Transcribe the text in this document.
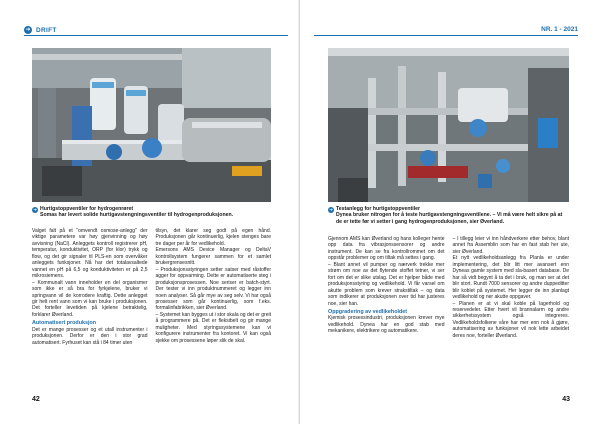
➜ DRIFT
➜ Hurtigstoppventiler for hydrogenrøret
Somas har levert solide hurtigavstengningsventiler til hydrogenproduksjonen.

Valget falt på et "omvendt osmose-anlegg" der viktige parametere var høy gjenvinning og høy avvisning (NaCl). Anleggets kontroll registrerer pH, temperatur, konduktivitet, ORP (for klor) trykk og flow, og det gir signaler til PLS-en som overvåker anleggets funksjoner. Nå har det totalavsaltede vannet en pH på 6,5 og konduktiviteten er på 2,5 mikrosiemens.

– Kommunalt vann inneholder en del organismer som ikke er så bra for fyrkjelene, bruker vi springvann vil de korrodere kraftig. Dette anlegget gir helt rent vann som vi kan bruke i produksjonen. Det forteller levetiden på kjelene betraktelig, forklarer Øverland.

Automatisert produksjon

Det er mange prosesser og et utall instrumenter i produksjonen. Derfor er den i stor grad automatisert. Fyrhuset kan stå i 84 timer uten

tilsyn, det klarer seg godt på egen hånd. Produksjonen går kontinuerlig, kjelen stenges bare tre dager per år for vedlikehold.

Emersons AMS Device Manager og DeltaV kontrollsystem fungerer sammen for et samlet brukergrensesnitt.

– Produksjonsstyringen setter satser med råstoffer agger for oppvarming. Dette er automatiserte steg i produksjonsprosessen. Noe seriser er batch-styrt. Der tester vi inn produktnummeret og legger inn noen analyser. Så går mye av seg selv. Vi har også prosesser som går kontinuerlig, som f.eks. formalinfabrikken, sier Øverland.

– Systemet kan bygges ut i stor skala og det er greit å programmere på. Det er fleksibelt og gir mange muligheter. Med styringssystemene kan vi konfigurere instrumenter fra kontoret. Vi kan også sjekke om prosessene løper slik de skal.

42
NR. 1 - 2021
➜ Testanlegg for hurtigstoppventiler
Dynea bruker nitrogen for å teste hurtigavstengningsventilene. – Vi må være helt sikre på at de er tette før vi setter i gang hydrogenproduksjonen, sier Øverland.

Gjennom AMS kan Øverland og hans kolleger hente opp data fra vibrasjonssensorer og andre instrument. De kan se fra kontrollrommet om det oppstår problemer og om tiltak må settes i gang.

– Blant annet vil pumper og nærverk trekke mer strøm om noe av det flytende stoffet tetner, vi ser fort om det er slike utslag. Det er hjelper både med produksjonsstyring og vedlikehold. Vi får varsel om akutte problem som krever strakstiltak – og data som indikerer at produksjonen over tid har justeres noe, sier han.

Oppgradering av vedlikeholdet

Kjemisk prosessindustri, produksjonen krever mye vedlikehold. Dynea har en god stab med mekanikere, elektrikere og automatikere.

– I tillegg leier vi inn håndverkere etter behov, blant annet fra Assemblin som har en fast stab her ute, sier Øverland.

Et nytt vedlikeholdsanlegg fra Planla er under implementering, det blir litt mer avansert enn Dyneas gamle system med sla-basert database. De har så vidt begynt å ta det i bruk, og man ser at det blir stort. Rundt 7000 sensorer og andre duppeditter blir koblet på systemet. Her legger de inn planlagt vedlikehold og ner akutte oppgaver.

– Planen er at vi skal koble på lagerhold og reservedeler. Etter hvert vil brannalarm og andre sikkerhetssystem også integreres. Vedlikeholdsfolkene våre har mer enn nok å gjøre, automatisering av funksjoner vil nok lette arbeidet deres noe, forteller Øverland.

43
